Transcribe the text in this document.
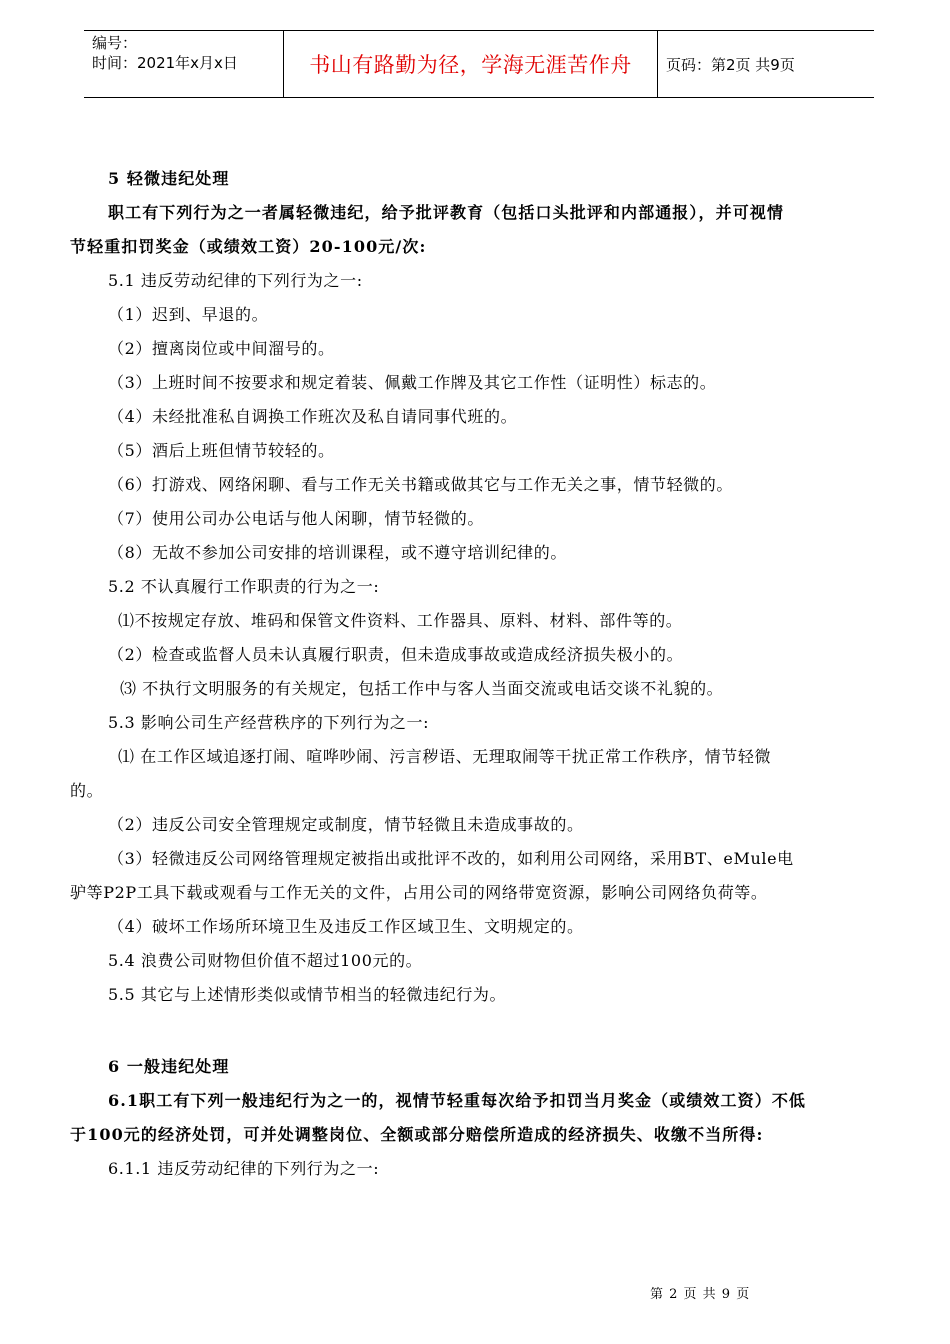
编号：
时间：2021年x月x日	书山有路勤为径，学海无涯苦作舟 页码：第2页 共9页
5 轻微违纪处理
职工有下列行为之一者属轻微违纪，给予批评教育（包括口头批评和内部通报），并可视情
节轻重扣罚奖金（或绩效工资）20-100元/次:
5.1 违反劳动纪律的下列行为之一:
（1）迟到、早退的。
（2）擅离岗位或中间溜号的。
（3）上班时间不按要求和规定着装、佩戴工作牌及其它工作性（证明性）标志的。
（4）未经批准私自调换工作班次及私自请同事代班的。
（5）酒后上班但情节较轻的。
（6）打游戏、网络闲聊、看与工作无关书籍或做其它与工作无关之事，情节轻微的。
（7）使用公司办公电话与他人闲聊，情节轻微的。
（8）无故不参加公司安排的培训课程，或不遵守培训纪律的。
5.2 不认真履行工作职责的行为之一:
⑴不按规定存放、堆码和保管文件资料、工作器具、原料、材料、部件等的。
（2）检查或监督人员未认真履行职责，但未造成事故或造成经济损失极小的。
⑶ 不执行文明服务的有关规定，包括工作中与客人当面交流或电话交谈不礼貌的。
5.3 影响公司生产经营秩序的下列行为之一:
⑴ 在工作区域追逐打闹、喧哗吵闹、污言秽语、无理取闹等干扰正常工作秩序，情节轻微
的。
（2）违反公司安全管理规定或制度，情节轻微且未造成事故的。
（3）轻微违反公司网络管理规定被指出或批评不改的，如利用公司网络，采用BT、eMule电
驴等P2P工具下载或观看与工作无关的文件，占用公司的网络带宽资源，影响公司网络负荷等。
（4）破坏工作场所环境卫生及违反工作区域卫生、文明规定的。
5.4 浪费公司财物但价值不超过100元的。
5.5 其它与上述情形类似或情节相当的轻微违纪行为。
6 一般违纪处理
6.1职工有下列一般违纪行为之一的，视情节轻重每次给予扣罚当月奖金（或绩效工资）不低
于100元的经济处罚，可并处调整岗位、全额或部分赔偿所造成的经济损失、收缴不当所得:
6.1.1 违反劳动纪律的下列行为之一:
第 2 页 共 9 页
